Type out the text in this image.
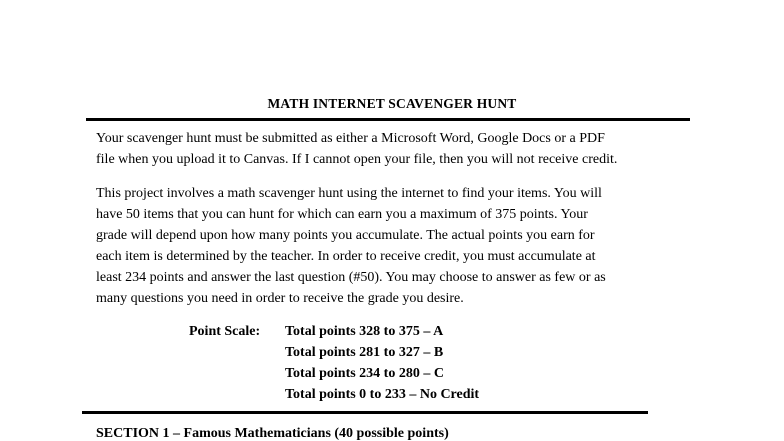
MATH INTERNET SCAVENGER HUNT

Your scavenger hunt must be submitted as either a Microsoft Word, Google Docs or a PDF
file when you upload it to Canvas. If I cannot open your file, then you will not receive credit.

This project involves a math scavenger hunt using the internet to find your items. You will
have 50 items that you can hunt for which can earn you a maximum of 375 points. Your
grade will depend upon how many points you accumulate. The actual points you earn for
each item is determined by the teacher. In order to receive credit, you must accumulate at
least 234 points and answer the last question (#50). You may choose to answer as few or as
many questions you need in order to receive the grade you desire.

Point Scale: Total points 328 to 375 – A
Total points 281 to 327 – B
Total points 234 to 280 – C
Total points 0 to 233 – No Credit
SECTION 1 – Famous Mathematicians (40 possible points)
